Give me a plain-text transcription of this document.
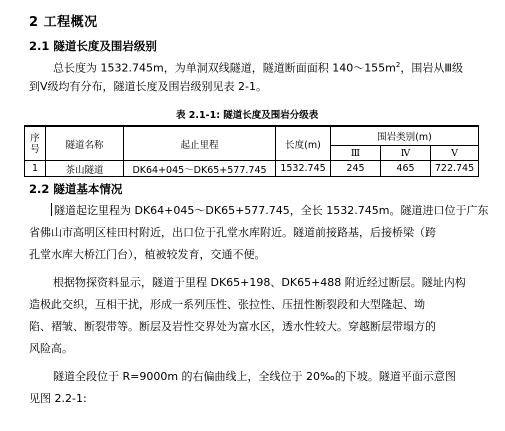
2 工程概况
2.1 隧道长度及围岩级别
总长度为 1532.745m，为单洞双线隧道，隧道断面面积 $140\sim 155m^2$，围岩从Ⅲ级
到Ⅴ级均有分布，隧道长度及围岩级别见表 2-1。
表 2.1-1: 隧道长度及围岩分级表
序号	隧道名称	起止里程	长度(m)	围岩类别(m)		
				Ⅲ	Ⅳ	Ⅴ
1	茶山隧道	DK64+045～DK65+577.745	1532.745	245	465	722.745
2.2 隧道基本情况
隧道起讫里程为 DK64+045～DK65+577.745，全长 1532.745m。隧道进口位于广东
省佛山市高明区桂田村附近，出口位于孔堂水库附近。隧道前接路基，后接桥梁（跨
孔堂水库大桥江门台），植被较发育，交通不便。
根据物探资料显示，隧道于里程 DK65+198、DK65+488 附近经过断层。隧址内构
造极此交织，互相干扰，形成一系列压性、张拉性、压扭性断裂段和大型隆起、坳
陷、褶皱、断裂带等。断层及岩性交界处为富水区，透水性较大。穿越断层带塌方的
风险高。
隧道全段位于 R=9000m 的右偏曲线上，全线位于 20‰的下坡。隧道平面示意图
见图 2.2-1:
